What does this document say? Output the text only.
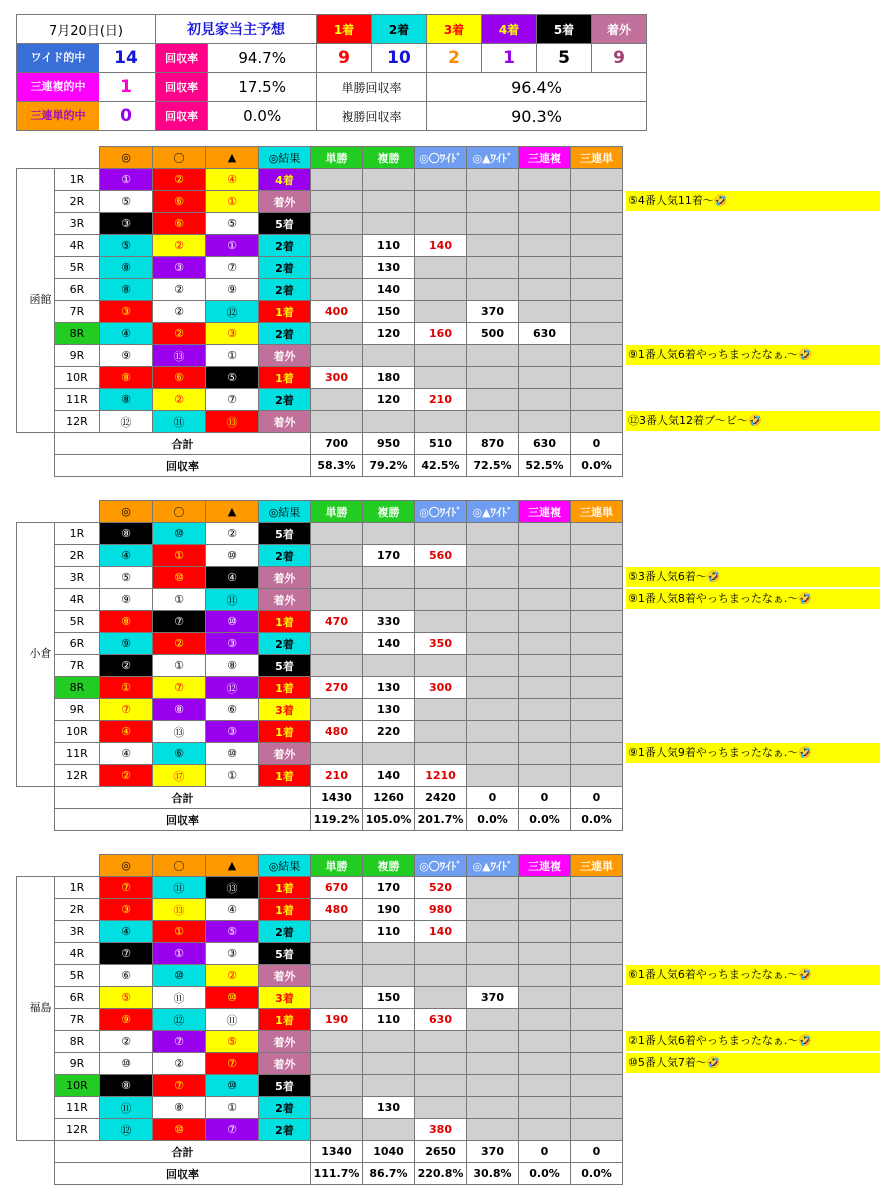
7月20日(日)	初見家当主予想		1着	2着	3着	4着	5着	着外

ワイド的中 14	回収率	94.7%	9	10	2	1	5	9

三連複的中 1	回収率	17.5%	単勝回収率		96.4%			

三連単的中 0	回収率	0.0%	複勝回収率		90.3%			
		◎	〇	▲	◎結果	単勝	複勝	◎〇ﾜｲﾄﾞ	◎▲ﾜｲﾄﾞ	三連複	三連単

函館	1R	①	②	④	4着						
	2R	⑤	⑥	①	着外						
	3R	③	⑥	⑤	5着						
	4R	⑤	②	①	2着		110	140			
	5R	⑧	③	⑦	2着		130				
	6R	⑧	②	⑨	2着		140				
	7R	③	②	⑫	1着	400	150		370		
	8R	④	②	③	2着		120	160	500	630	
	9R	⑨	⑬	①	着外						
	10R	⑧	⑥	⑤	1着	300	180				
	11R	⑧	②	⑦	2着		120	210			
	12R	⑫	⑪	⑬	着外						
	合計					700	950	510	870	630	0
	回収率					58.3%	79.2%	42.5%	72.5%	52.5%	0.0%
⑤4番人気11着〜🤣
⑨1番人気6着やっちまったなぁ.〜🤣
⑫3番人気12着ブ〜ビ〜🤣
		◎	〇	▲	◎結果	単勝	複勝	◎〇ﾜｲﾄﾞ	◎▲ﾜｲﾄﾞ	三連複	三連単

小倉	1R	⑧	⑩	②	5着						
	2R	④	①	⑩	2着		170	560			
	3R	⑤	⑩	④	着外						
	4R	⑨	①	⑪	着外						
	5R	⑧	⑦	⑩	1着	470	330				
	6R	⑨	②	③	2着		140	350			
	7R	②	①	⑧	5着						
	8R	①	⑦	⑫	1着	270	130	300			
	9R	⑦	⑧	⑥	3着		130				
	10R	④	⑬	③	1着	480	220				
	11R	④	⑥	⑩	着外						
	12R	②	⑰	①	1着	210	140	1210			
	合計					1430	1260	2420	0	0	0
	回収率					119.2%	105.0%	201.7%	0.0%	0.0%	0.0%
⑤3番人気6着〜🤣
⑨1番人気8着やっちまったなぁ.〜🤣
⑨1番人気9着やっちまったなぁ.〜🤣
		◎	〇	▲	◎結果	単勝	複勝	◎〇ﾜｲﾄﾞ	◎▲ﾜｲﾄﾞ	三連複	三連単

福島	1R	⑦	⑪	⑬	1着	670	170	520			
	2R	③	⑬	④	1着	480	190	980			
	3R	④	①	⑤	2着		110	140			
	4R	⑦	①	③	5着						
	5R	⑥	⑩	②	着外						
	6R	⑤	⑪	⑩	3着		150		370		
	7R	⑨	⑫	⑪	1着	190	110	630			
	8R	②	⑦	⑤	着外						
	9R	⑩	②	⑦	着外						
	10R	⑧	⑦	⑩	5着						
	11R	⑪	⑧	①	2着		130				
	12R	⑫	⑩	⑦	2着			380			
	合計					1340	1040	2650	370	0	0
	回収率					111.7%	86.7%	220.8%	30.8%	0.0%	0.0%
⑥1番人気6着やっちまったなぁ.〜🤣
②1番人気6着やっちまったなぁ.〜🤣
⑩5番人気7着〜🤣
